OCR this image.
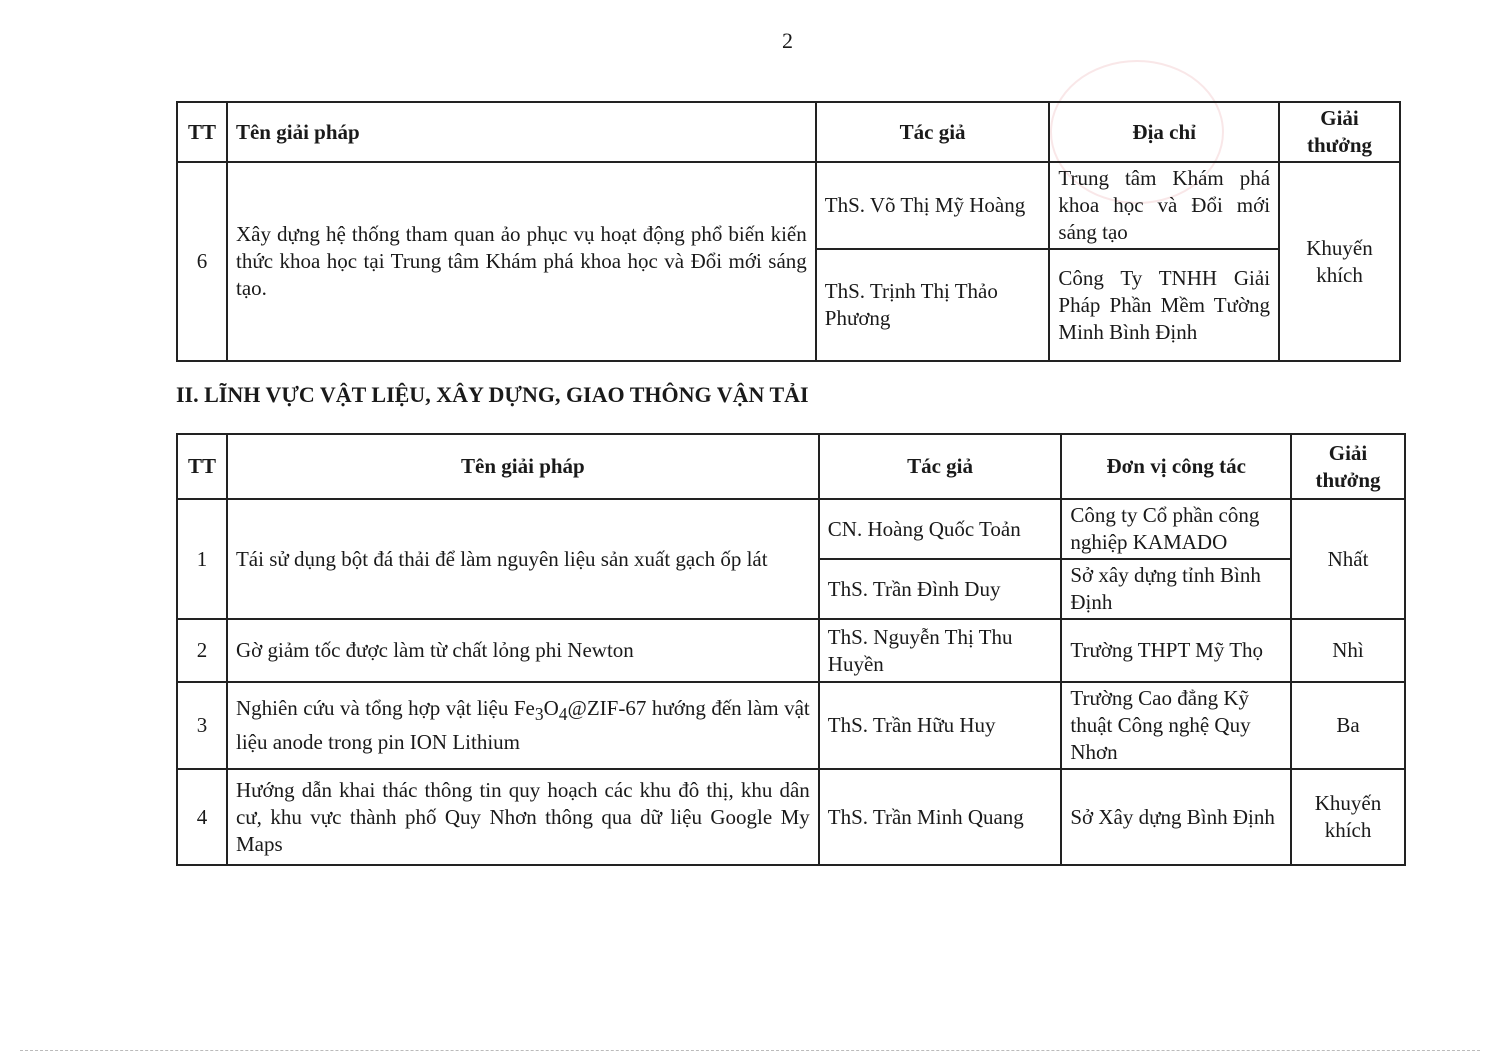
2
TT	Tên giải pháp	Tác giả	Địa chỉ	Giải thưởng
6	Xây dựng hệ thống tham quan ảo phục vụ hoạt động phổ biến kiến thức khoa học tại Trung tâm Khám phá khoa học và Đổi mới sáng tạo.	ThS. Võ Thị Mỹ Hoàng	Trung tâm Khám phá khoa học và Đổi mới sáng tạo	Khuyến khích
		ThS. Trịnh Thị Thảo Phương	Công Ty TNHH Giải Pháp Phần Mềm Tường Minh Bình Định	
II. LĨNH VỰC VẬT LIỆU, XÂY DỰNG, GIAO THÔNG VẬN TẢI
TT	Tên giải pháp	Tác giả	Đơn vị công tác	Giải thưởng
1	Tái sử dụng bột đá thải để làm nguyên liệu sản xuất gạch ốp lát	CN. Hoàng Quốc Toản	Công ty Cổ phần công nghiệp KAMADO	Nhất
		ThS. Trần Đình Duy	Sở xây dựng tỉnh Bình Định	
2	Gờ giảm tốc được làm từ chất lỏng phi Newton	ThS. Nguyễn Thị Thu Huyền	Trường THPT Mỹ Thọ	Nhì
3	Nghiên cứu và tổng hợp vật liệu $Fe_3O_4@ZIF-67$ hướng đến làm vật liệu anode trong pin ION Lithium	ThS. Trần Hữu Huy	Trường Cao đẳng Kỹ thuật Công nghệ Quy Nhơn	Ba
4	Hướng dẫn khai thác thông tin quy hoạch các khu đô thị, khu dân cư, khu vực thành phố Quy Nhơn thông qua dữ liệu Google My Maps	ThS. Trần Minh Quang	Sở Xây dựng Bình Định	Khuyến khích
